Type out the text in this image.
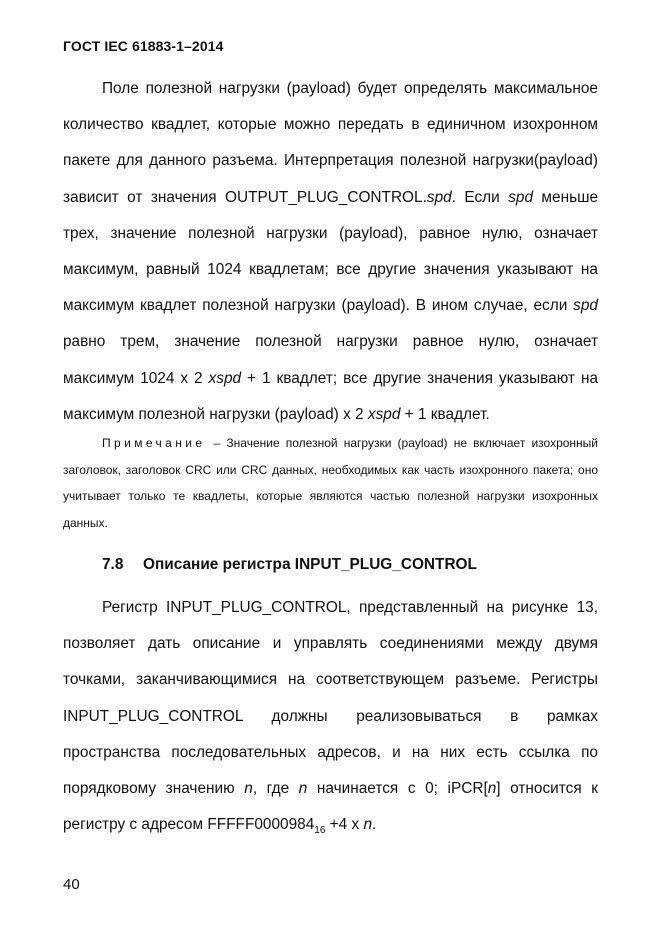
ГОСТ IEC 61883-1–2014

Поле полезной нагрузки (payload) будет определять максимальное количество квадлет, которые можно передать в единичном изохронном пакете для данного разъема. Интерпретация полезной нагрузки(payload) зависит от значения OUTPUT_PLUG_CONTROL.spd. Если spd меньше трех, значение полезной нагрузки (payload), равное нулю, означает максимум, равный 1024 квадлетам; все другие значения указывают на максимум квадлет полезной нагрузки (payload). В ином случае, если spd равно трем, значение полезной нагрузки равное нулю, означает максимум 1024 x 2 xspd + 1 квадлет; все другие значения указывают на максимум полезной нагрузки (payload) x 2 xspd + 1 квадлет.

Примечание – Значение полезной нагрузки (payload) не включает изохронный заголовок, заголовок CRC или CRC данных, необходимых как часть изохронного пакета; оно учитывает только те квадлеты, которые являются частью полезной нагрузки изохронных данных.

7.8 Описание регистра INPUT_PLUG_CONTROL

Регистр INPUT_PLUG_CONTROL, представленный на рисунке 13, позволяет дать описание и управлять соединениями между двумя точками, заканчивающимися на соответствующем разъеме. Регистры INPUT_PLUG_CONTROL должны реализовываться в рамках пространства последовательных адресов, и на них есть ссылка по порядковому значению n, где n начинается с 0; iPCR[n] относится к регистру с адресом $FFFFF0000984_{16} +4$ x n.

40
